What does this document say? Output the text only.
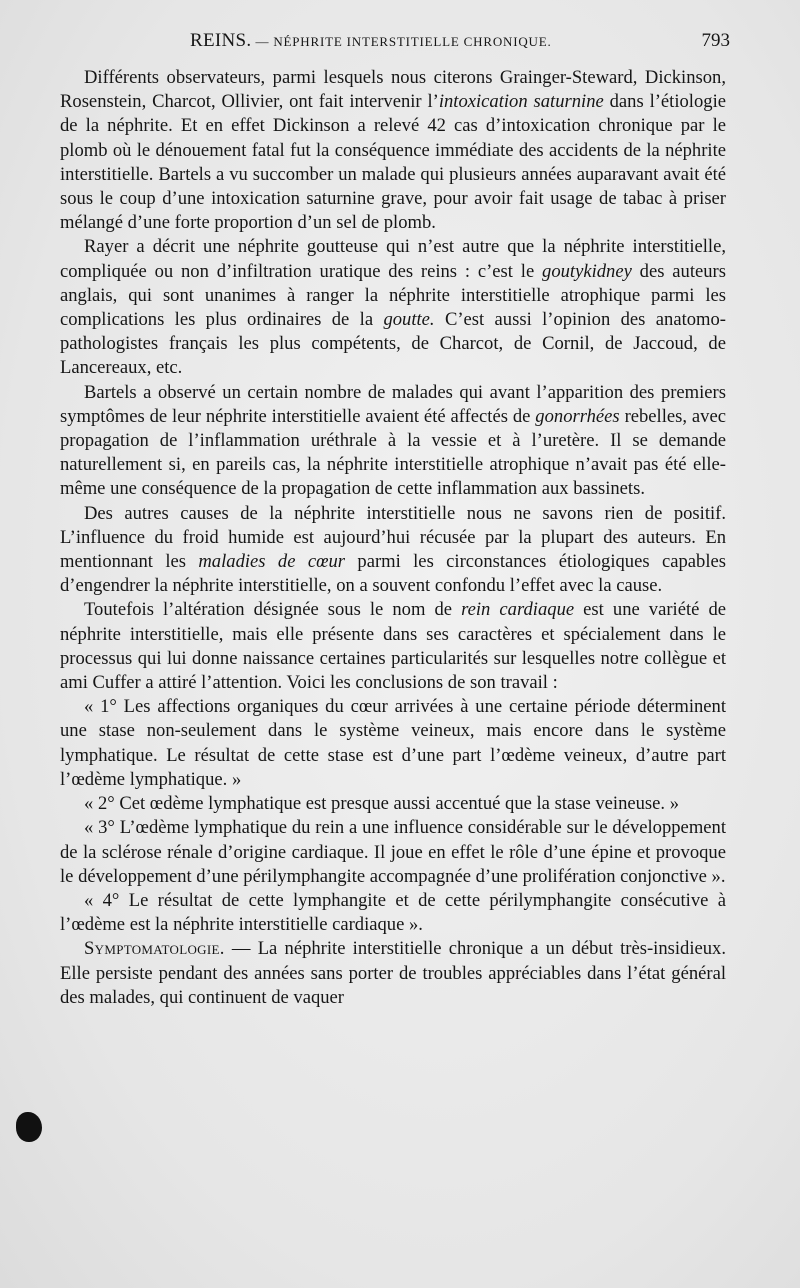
REINS. — NÉPHRITE INTERSTITIELLE CHRONIQUE.	793

Différents observateurs, parmi lesquels nous citerons Grainger-Steward, Dickinson, Rosenstein, Charcot, Ollivier, ont fait intervenir l’intoxication saturnine dans l’étiologie de la néphrite. Et en effet Dickinson a relevé 42 cas d’intoxication chronique par le plomb où le dénouement fatal fut la conséquence immédiate des accidents de la néphrite interstitielle. Bartels a vu succomber un malade qui plusieurs années auparavant avait été sous le coup d’une intoxication saturnine grave, pour avoir fait usage de tabac à priser mélangé d’une forte proportion d’un sel de plomb.

Rayer a décrit une néphrite goutteuse qui n’est autre que la néphrite interstitielle, compliquée ou non d’infiltration uratique des reins : c’est le goutykidney des auteurs anglais, qui sont unanimes à ranger la néphrite interstitielle atrophique parmi les complications les plus ordinaires de la goutte. C’est aussi l’opinion des anatomo-pathologistes français les plus compétents, de Charcot, de Cornil, de Jaccoud, de Lancereaux, etc.

Bartels a observé un certain nombre de malades qui avant l’apparition des premiers symptômes de leur néphrite interstitielle avaient été affectés de gonorrhées rebelles, avec propagation de l’inflammation uréthrale à la vessie et à l’uretère. Il se demande naturellement si, en pareils cas, la néphrite interstitielle atrophique n’avait pas été elle-même une conséquence de la propagation de cette inflammation aux bassinets.

Des autres causes de la néphrite interstitielle nous ne savons rien de positif. L’influence du froid humide est aujourd’hui récusée par la plupart des auteurs. En mentionnant les maladies de cœur parmi les circonstances étiologiques capables d’engendrer la néphrite interstitielle, on a souvent confondu l’effet avec la cause.

Toutefois l’altération désignée sous le nom de rein cardiaque est une variété de néphrite interstitielle, mais elle présente dans ses caractères et spécialement dans le processus qui lui donne naissance certaines particularités sur lesquelles notre collègue et ami Cuffer a attiré l’attention. Voici les conclusions de son travail :

« 1° Les affections organiques du cœur arrivées à une certaine période déterminent une stase non-seulement dans le système veineux, mais encore dans le système lymphatique. Le résultat de cette stase est d’une part l’œdème veineux, d’autre part l’œdème lymphatique. »

« 2° Cet œdème lymphatique est presque aussi accentué que la stase veineuse. »

« 3° L’œdème lymphatique du rein a une influence considérable sur le développement de la sclérose rénale d’origine cardiaque. Il joue en effet le rôle d’une épine et provoque le développement d’une périlymphangite accompagnée d’une prolifération conjonctive ».

« 4° Le résultat de cette lymphangite et de cette périlymphangite consécutive à l’œdème est la néphrite interstitielle cardiaque ».

Symptomatologie. — La néphrite interstitielle chronique a un début très-insidieux. Elle persiste pendant des années sans porter de troubles appréciables dans l’état général des malades, qui continuent de vaquer
